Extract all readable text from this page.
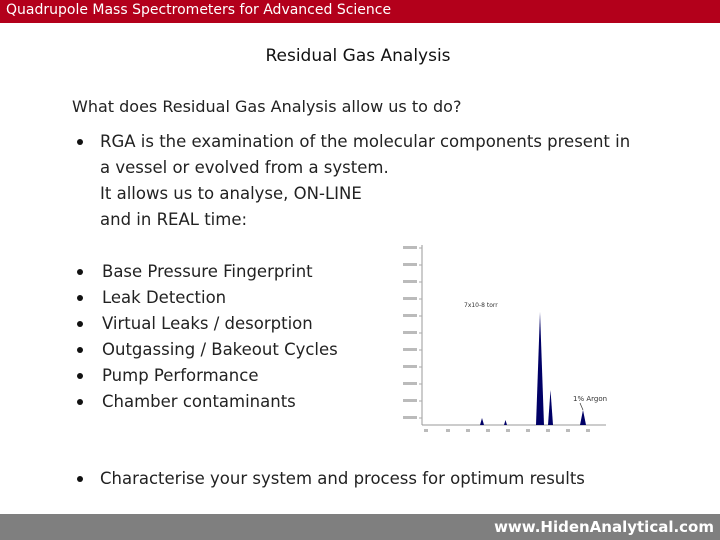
Quadrupole Mass Spectrometers for Advanced Science
Residual Gas Analysis
What does Residual Gas Analysis allow us to do?
RGA is the examination of the molecular components present in
a vessel or evolved from a system.
It allows us to analyse, ON-LINE
and in REAL time:
Base Pressure Fingerprint
Leak Detection
Virtual Leaks / desorption
Outgassing / Bakeout Cycles
Pump Performance
Chamber contaminants
7x10-8 torr
1% Argon
Characterise your system and process for optimum results
www.HidenAnalytical.com
